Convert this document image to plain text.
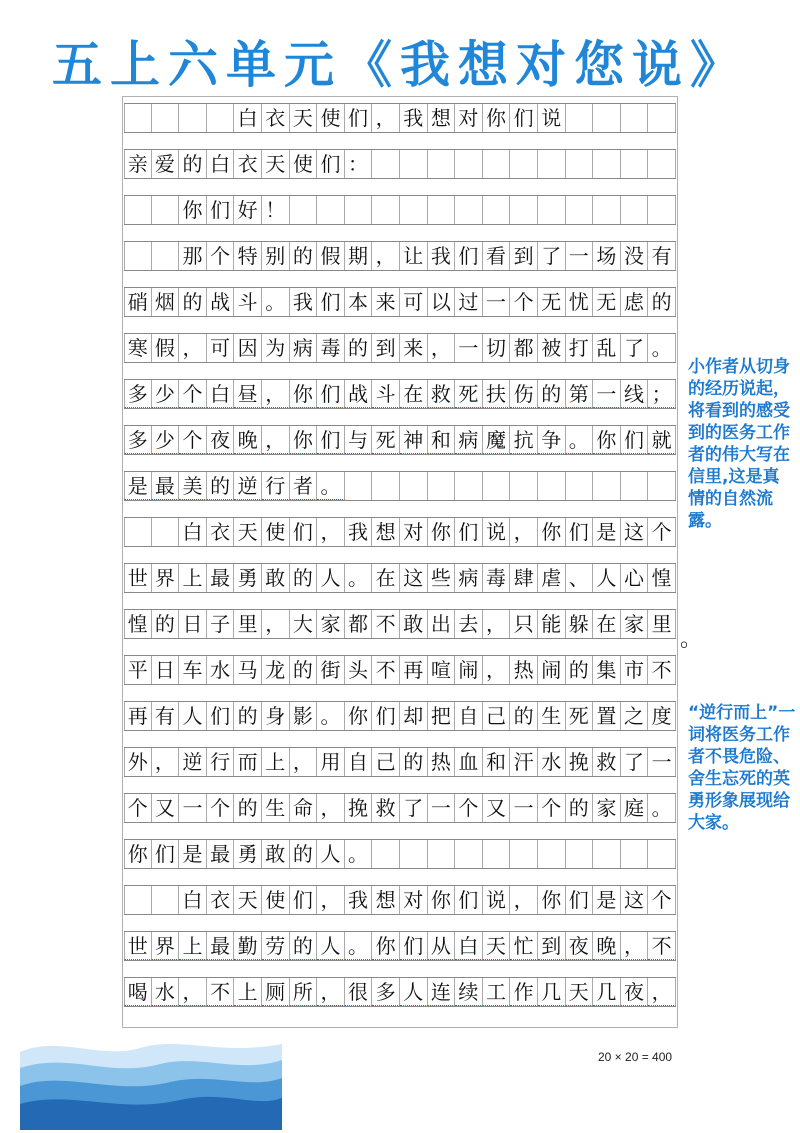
五上六单元《我想对您说》
白 衣 天 使 们 ， 我 想 对 你 们 说
亲 爱 的 白 衣 天 使 们 ：
你 们 好 ！
那 个 特 别 的 假 期 ， 让 我 们 看 到 了 一 场 没 有
硝 烟 的 战 斗 。 我 们 本 来 可 以 过 一 个 无 忧 无 虑 的
寒 假 ， 可 因 为 病 毒 的 到 来 ， 一 切 都 被 打 乱 了 。
多 少 个 白 昼 ， 你 们 战 斗 在 救 死 扶 伤 的 第 一 线 ；
多 少 个 夜 晚 ， 你 们 与 死 神 和 病 魔 抗 争 。 你 们 就
是 最 美 的 逆 行 者 。
白 衣 天 使 们 ， 我 想 对 你 们 说 ， 你 们 是 这 个
世 界 上 最 勇 敢 的 人 。 在 这 些 病 毒 肆 虐 、 人 心 惶
惶 的 日 子 里 ， 大 家 都 不 敢 出 去 ， 只 能 躲 在 家 里
平 日 车 水 马 龙 的 街 头 不 再 喧 闹 ， 热 闹 的 集 市 不
再 有 人 们 的 身 影 。 你 们 却 把 自 己 的 生 死 置 之 度
外 ， 逆 行 而 上 ， 用 自 己 的 热 血 和 汗 水 挽 救 了 一
个 又 一 个 的 生 命 ， 挽 救 了 一 个 又 一 个 的 家 庭 。
你 们 是 最 勇 敢 的 人 。
白 衣 天 使 们 ， 我 想 对 你 们 说 ， 你 们 是 这 个
世 界 上 最 勤 劳 的 人 。 你 们 从 白 天 忙 到 夜 晚 ， 不
喝 水 ， 不 上 厕 所 ， 很 多 人 连 续 工 作 几 天 几 夜 ，
。
小作者从切身的经历说起，将看到的感受到的医务工作者的伟大写在信里,这是真情的自然流露。
“逆行而上”一词将医务工作者不畏危险、舍生忘死的英勇形象展现给大家。
20 × 20 = 400
